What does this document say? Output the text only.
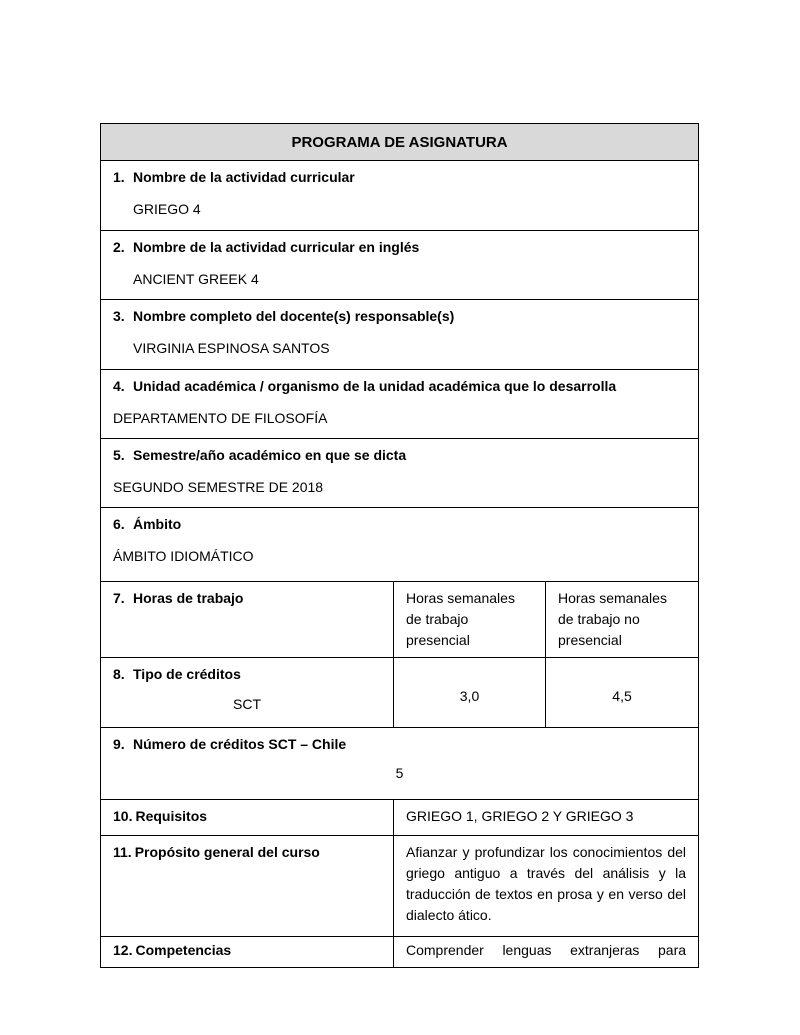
PROGRAMA DE ASIGNATURA		

1. Nombre de la actividad curricular
GRIEGO 4		

2. Nombre de la actividad curricular en inglés
ANCIENT GREEK 4		

3. Nombre completo del docente(s) responsable(s)
VIRGINIA ESPINOSA SANTOS		

4. Unidad académica / organismo de la unidad académica que lo desarrolla
DEPARTAMENTO DE FILOSOFÍA		

5. Semestre/año académico en que se dicta
SEGUNDO SEMESTRE DE 2018		

6. Ámbito
ÁMBITO IDIOMÁTICO		

7. Horas de trabajo	Horas semanales de trabajo presencial	Horas semanales de trabajo no presencial

8. Tipo de créditos
SCT	3,0	4,5

9. Número de créditos SCT – Chile
5		

10. Requisitos	GRIEGO 1, GRIEGO 2 Y GRIEGO 3	

11. Propósito general del curso	Afianzar y profundizar los conocimientos del griego antiguo a través del análisis y la traducción de textos en prosa y en verso del dialecto ático.	

12. Competencias	Comprender lenguas extranjeras para	
